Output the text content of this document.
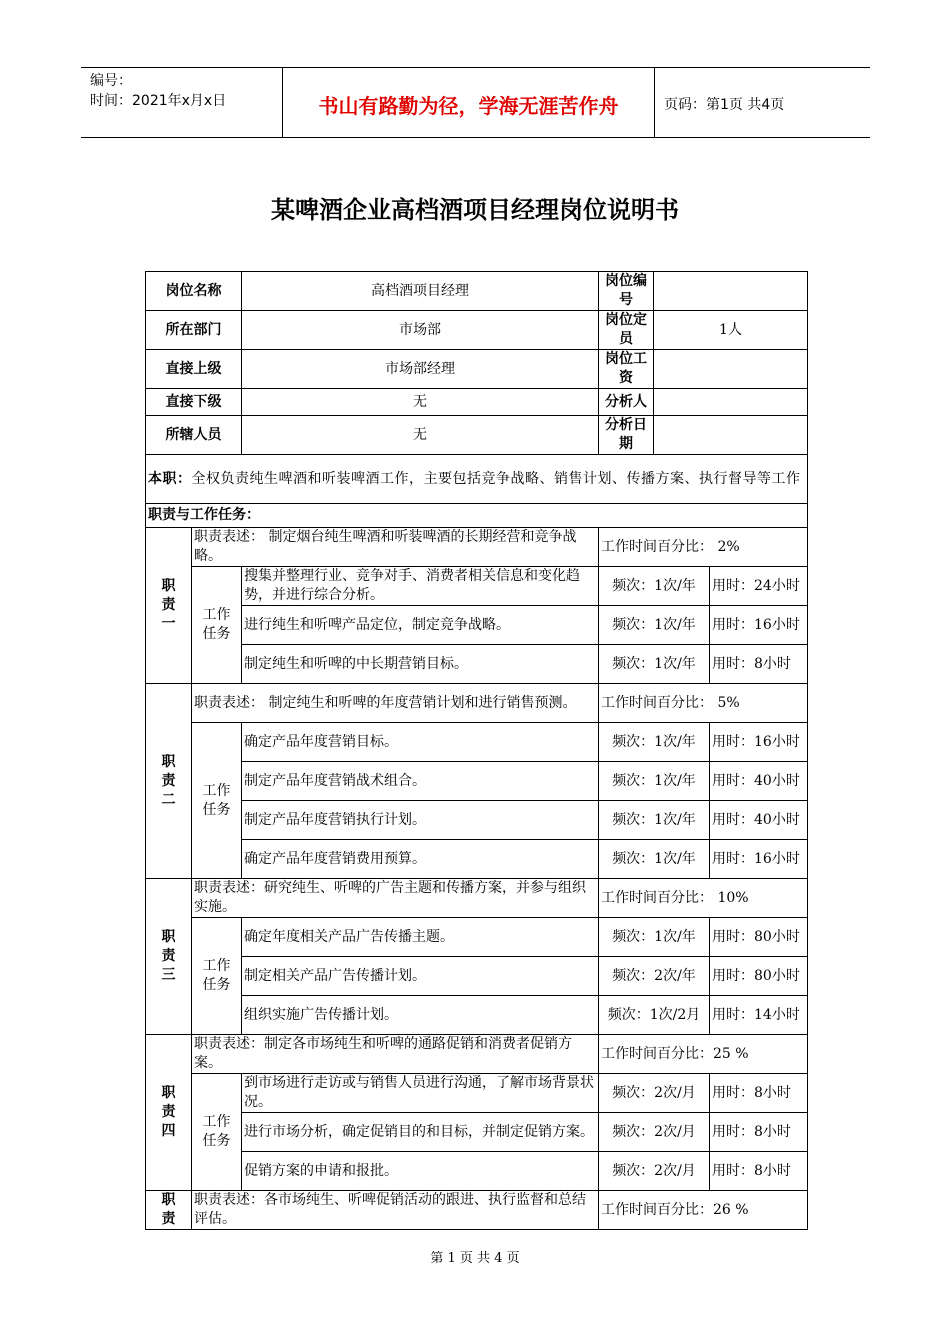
编号：
时间：2021年x月x日	书山有路勤为径，学海无涯苦作舟	页码：第1页 共4页
某啤酒企业高档酒项目经理岗位说明书
岗位名称		高档酒项目经理	岗位编号		
所在部门		市场部	岗位定员	1人	
直接上级		市场部经理	岗位工资		
直接下级		无	分析人		
所辖人员		无	分析日期		
本职：全权负责纯生啤酒和听装啤酒工作，主要包括竞争战略、销售计划、传播方案、执行督导等工作					
职责与工作任务：					

职责一	职责表述： 制定烟台纯生啤酒和听装啤酒的长期经营和竞争战略。		工作时间百分比： 2%		

	工作任务	搜集并整理行业、竞争对手、消费者相关信息和变化趋势，并进行综合分析。	频次：1次/年		用时：24小时
		进行纯生和听啤产品定位，制定竞争战略。	频次：1次/年		用时：16小时
		制定纯生和听啤的中长期营销目标。	频次：1次/年		用时：8小时

职责二	职责表述： 制定纯生和听啤的年度营销计划和进行销售预测。		工作时间百分比： 5%		

	工作任务	确定产品年度营销目标。	频次：1次/年		用时：16小时
		制定产品年度营销战术组合。	频次：1次/年		用时：40小时
		制定产品年度营销执行计划。	频次：1次/年		用时：40小时
		确定产品年度营销费用预算。	频次：1次/年		用时：16小时

职责三	职责表述：研究纯生、听啤的广告主题和传播方案，并参与组织实施。		工作时间百分比： 10%		

	工作任务	确定年度相关产品广告传播主题。	频次：1次/年		用时：80小时
		制定相关产品广告传播计划。	频次：2次/年		用时：80小时
		组织实施广告传播计划。	频次：1次/2月		用时：14小时

职责四	职责表述：制定各市场纯生和听啤的通路促销和消费者促销方案。		工作时间百分比：25 %		

	工作任务	到市场进行走访或与销售人员进行沟通，了解市场背景状况。	频次：2次/月		用时：8小时
		进行市场分析，确定促销目的和目标，并制定促销方案。	频次：2次/月		用时：8小时
		促销方案的申请和报批。	频次：2次/月		用时：8小时

职责	职责表述：各市场纯生、听啤促销活动的跟进、执行监督和总结评估。		工作时间百分比：26 %		
第 1 页 共 4 页
